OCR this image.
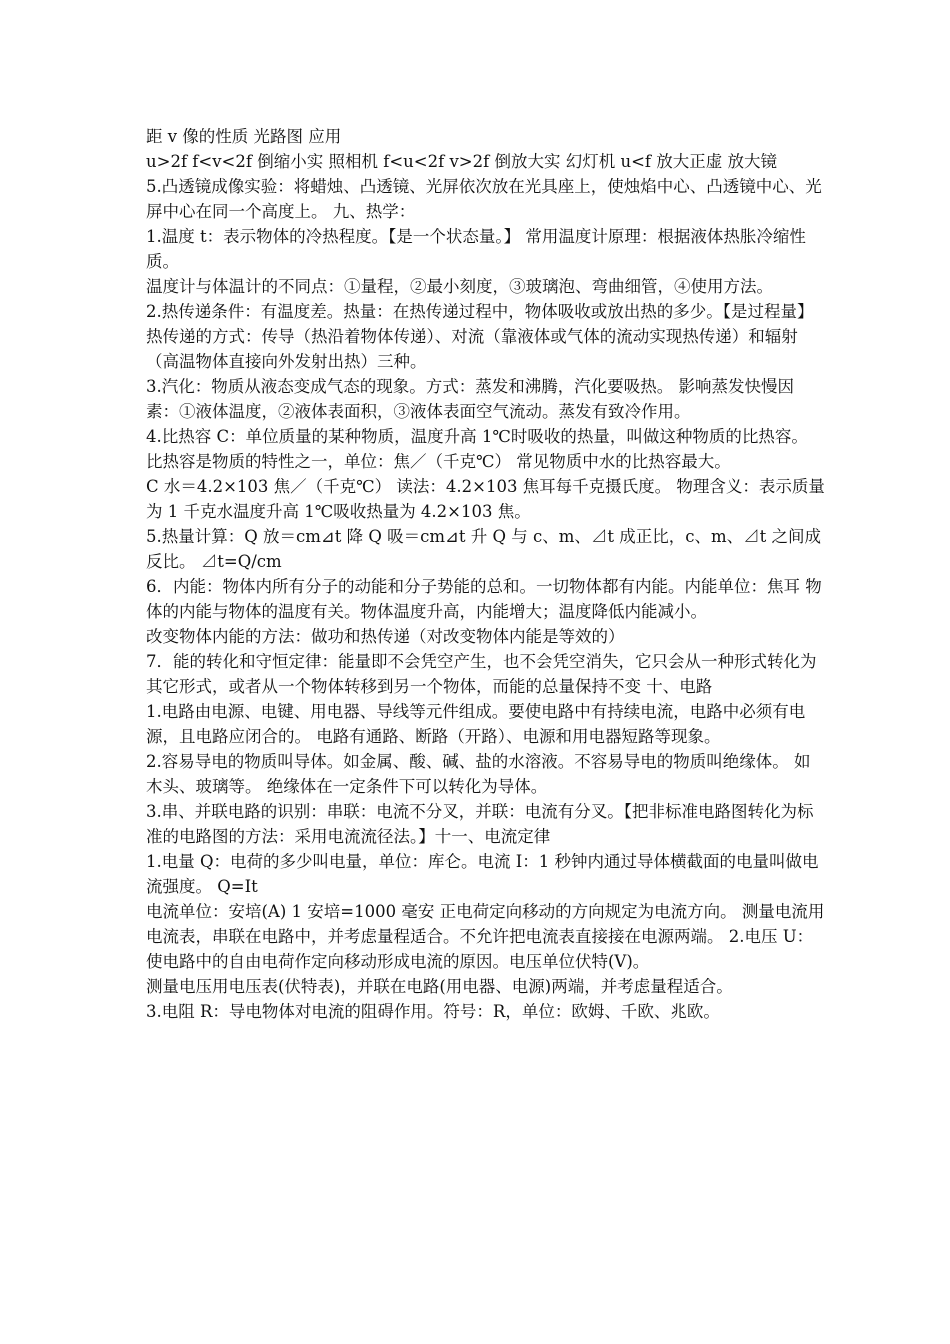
距 v 像的性质 光路图 应用

u>2f f<v<2f 倒缩小实 照相机 f<u<2f v>2f 倒放大实 幻灯机 u<f 放大正虚 放大镜

5.凸透镜成像实验：将蜡烛、凸透镜、光屏依次放在光具座上，使烛焰中心、凸透镜中心、光屏中心在同一个高度上。 九、热学：

1.温度 t：表示物体的冷热程度。【是一个状态量。】 常用温度计原理：根据液体热胀冷缩性质。

温度计与体温计的不同点：①量程，②最小刻度，③玻璃泡、弯曲细管，④使用方法。

2.热传递条件：有温度差。热量：在热传递过程中，物体吸收或放出热的多少。【是过程量】

热传递的方式：传导（热沿着物体传递）、对流（靠液体或气体的流动实现热传递）和辐射（高温物体直接向外发射出热）三种。

3.汽化：物质从液态变成气态的现象。方式：蒸发和沸腾，汽化要吸热。 影响蒸发快慢因素：①液体温度，②液体表面积，③液体表面空气流动。蒸发有致冷作用。

4.比热容 C：单位质量的某种物质，温度升高 1℃时吸收的热量，叫做这种物质的比热容。 比热容是物质的特性之一，单位：焦／（千克℃） 常见物质中水的比热容最大。

C 水＝4.2×103 焦／（千克℃） 读法：4.2×103 焦耳每千克摄氏度。 物理含义：表示质量为 1 千克水温度升高 1℃吸收热量为 4.2×103 焦。

5.热量计算：Q 放＝cm⊿t 降 Q 吸＝cm⊿t 升 Q 与 c、m、⊿t 成正比，c、m、⊿t 之间成反比。 ⊿t=Q/cm

6．内能：物体内所有分子的动能和分子势能的总和。一切物体都有内能。内能单位：焦耳 物体的内能与物体的温度有关。物体温度升高，内能增大；温度降低内能减小。

改变物体内能的方法：做功和热传递（对改变物体内能是等效的）

7．能的转化和守恒定律：能量即不会凭空产生，也不会凭空消失，它只会从一种形式转化为其它形式，或者从一个物体转移到另一个物体，而能的总量保持不变 十、电路

1.电路由电源、电键、用电器、导线等元件组成。要使电路中有持续电流，电路中必须有电源，且电路应闭合的。 电路有通路、断路（开路）、电源和用电器短路等现象。

2.容易导电的物质叫导体。如金属、酸、碱、盐的水溶液。不容易导电的物质叫绝缘体。 如木头、玻璃等。 绝缘体在一定条件下可以转化为导体。

3.串、并联电路的识别：串联：电流不分叉，并联：电流有分叉。【把非标准电路图转化为标准的电路图的方法：采用电流流径法。】十一、电流定律

1.电量 Q：电荷的多少叫电量，单位：库仑。电流 I：1 秒钟内通过导体横截面的电量叫做电流强度。 Q=It

电流单位：安培(A) 1 安培=1000 毫安 正电荷定向移动的方向规定为电流方向。 测量电流用电流表，串联在电路中，并考虑量程适合。不允许把电流表直接接在电源两端。 2.电压 U：使电路中的自由电荷作定向移动形成电流的原因。电压单位伏特(V)。

测量电压用电压表(伏特表)，并联在电路(用电器、电源)两端，并考虑量程适合。

3.电阻 R：导电物体对电流的阻碍作用。符号：R，单位：欧姆、千欧、兆欧。
